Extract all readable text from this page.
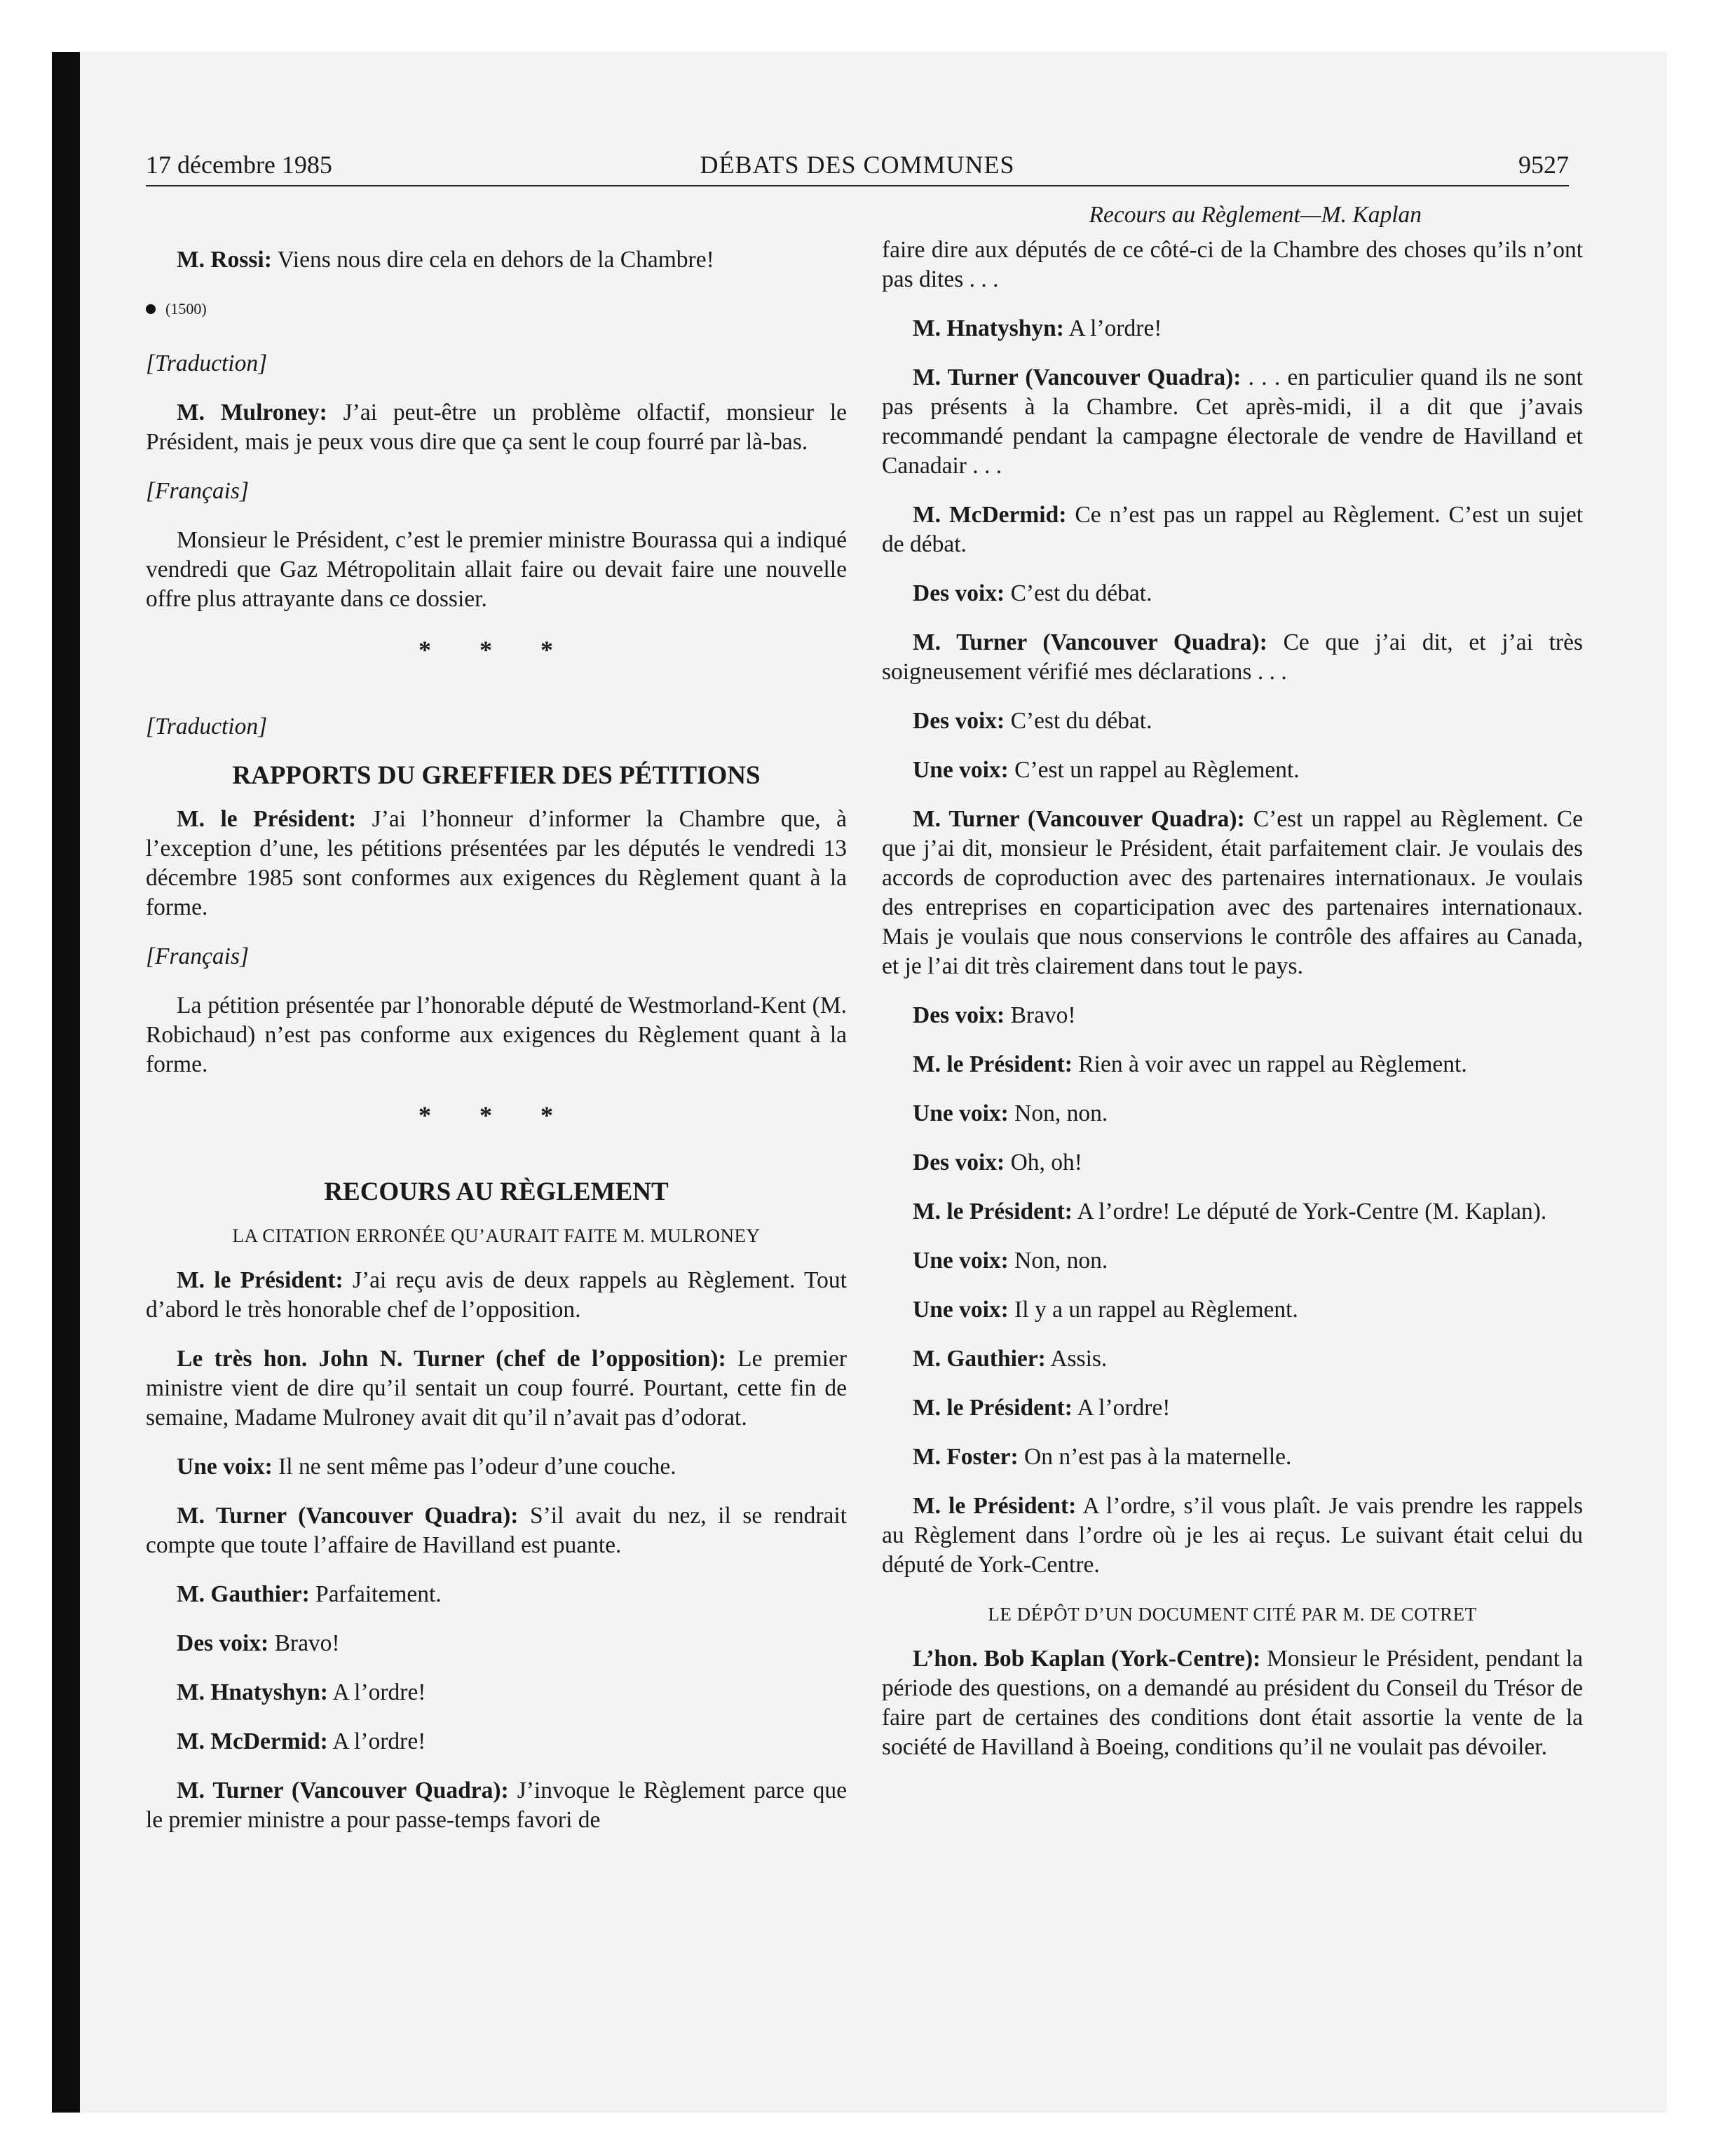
17 décembre 1985	DÉBATS DES COMMUNES	9527

M. Rossi: Viens nous dire cela en dehors de la Chambre!

(1500)
[Traduction]

M. Mulroney: J’ai peut-être un problème olfactif, monsieur le Président, mais je peux vous dire que ça sent le coup fourré par là-bas.

[Français]

Monsieur le Président, c’est le premier ministre Bourassa qui a indiqué vendredi que Gaz Métropolitain allait faire ou devait faire une nouvelle offre plus attrayante dans ce dossier.

* * *
[Traduction]
RAPPORTS DU GREFFIER DES PÉTITIONS

M. le Président: J’ai l’honneur d’informer la Chambre que, à l’exception d’une, les pétitions présentées par les députés le vendredi 13 décembre 1985 sont conformes aux exigences du Règlement quant à la forme.

[Français]

La pétition présentée par l’honorable député de Westmorland-Kent (M. Robichaud) n’est pas conforme aux exigences du Règlement quant à la forme.

* * *
RECOURS AU RÈGLEMENT
LA CITATION ERRONÉE QU’AURAIT FAITE M. MULRONEY

M. le Président: J’ai reçu avis de deux rappels au Règlement. Tout d’abord le très honorable chef de l’opposition.

Le très hon. John N. Turner (chef de l’opposition): Le premier ministre vient de dire qu’il sentait un coup fourré. Pourtant, cette fin de semaine, Madame Mulroney avait dit qu’il n’avait pas d’odorat.

Une voix: Il ne sent même pas l’odeur d’une couche.

M. Turner (Vancouver Quadra): S’il avait du nez, il se rendrait compte que toute l’affaire de Havilland est puante.

M. Gauthier: Parfaitement.

Des voix: Bravo!

M. Hnatyshyn: A l’ordre!

M. McDermid: A l’ordre!

M. Turner (Vancouver Quadra): J’invoque le Règlement parce que le premier ministre a pour passe-temps favori de

Recours au Règlement—M. Kaplan

faire dire aux députés de ce côté-ci de la Chambre des choses qu’ils n’ont pas dites . . .

M. Hnatyshyn: A l’ordre!

M. Turner (Vancouver Quadra): . . . en particulier quand ils ne sont pas présents à la Chambre. Cet après-midi, il a dit que j’avais recommandé pendant la campagne électorale de vendre de Havilland et Canadair . . .

M. McDermid: Ce n’est pas un rappel au Règlement. C’est un sujet de débat.

Des voix: C’est du débat.

M. Turner (Vancouver Quadra): Ce que j’ai dit, et j’ai très soigneusement vérifié mes déclarations . . .

Des voix: C’est du débat.

Une voix: C’est un rappel au Règlement.

M. Turner (Vancouver Quadra): C’est un rappel au Règlement. Ce que j’ai dit, monsieur le Président, était parfaitement clair. Je voulais des accords de coproduction avec des partenaires internationaux. Je voulais des entreprises en coparticipation avec des partenaires internationaux. Mais je voulais que nous conservions le contrôle des affaires au Canada, et je l’ai dit très clairement dans tout le pays.

Des voix: Bravo!

M. le Président: Rien à voir avec un rappel au Règlement.

Une voix: Non, non.

Des voix: Oh, oh!

M. le Président: A l’ordre! Le député de York-Centre (M. Kaplan).

Une voix: Non, non.

Une voix: Il y a un rappel au Règlement.

M. Gauthier: Assis.

M. le Président: A l’ordre!

M. Foster: On n’est pas à la maternelle.

M. le Président: A l’ordre, s’il vous plaît. Je vais prendre les rappels au Règlement dans l’ordre où je les ai reçus. Le suivant était celui du député de York-Centre.

LE DÉPÔT D’UN DOCUMENT CITÉ PAR M. DE COTRET

L’hon. Bob Kaplan (York-Centre): Monsieur le Président, pendant la période des questions, on a demandé au président du Conseil du Trésor de faire part de certaines des conditions dont était assortie la vente de la société de Havilland à Boeing, conditions qu’il ne voulait pas dévoiler.
